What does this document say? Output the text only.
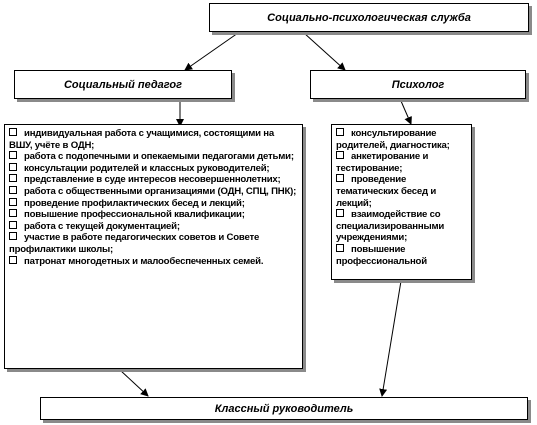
Социально-психологическая служба
Социальный педагог	Психолог
индивидуальная работа с учащимися, состоящими на ВШУ, учёте в ОДН;
работа с подопечными и опекаемыми педагогами детьми;
консультации родителей и классных руководителей;
представление в суде интересов несовершеннолетних;
работа с общественными организациями (ОДН, СПЦ, ПНК);
проведение профилактических бесед и лекций;
повышение профессиональной квалификации;
работа с текущей документацией;
участие в работе педагогических советов и Совете профилактики школы;
патронат многодетных и малообеспеченных семей.
консультирование родителей, диагностика;
анкетирование и тестирование;
проведение тематических бесед и лекций;
взаимодействие со специализированными учреждениями;
повышение профессиональной
Классный руководитель
